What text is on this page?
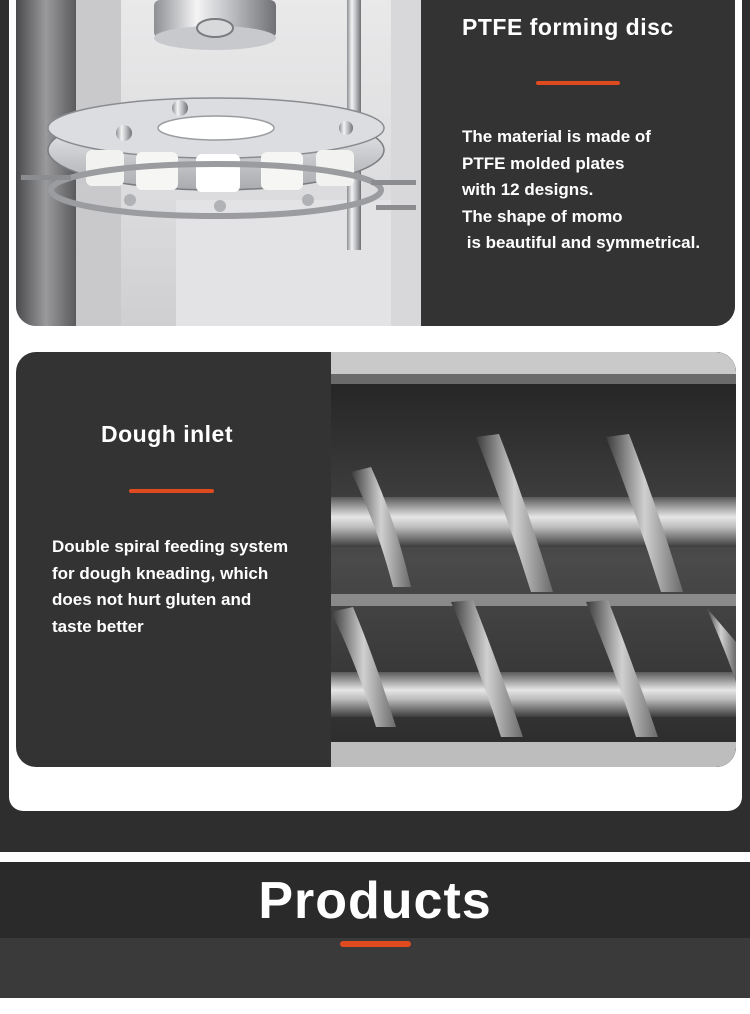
PTFE forming disc
The material is made of
PTFE molded plates
with 12 designs.
The shape of momo
is beautiful and symmetrical.
Dough inlet
Double spiral feeding system
for dough kneading, which
does not hurt gluten and
taste better
Products
